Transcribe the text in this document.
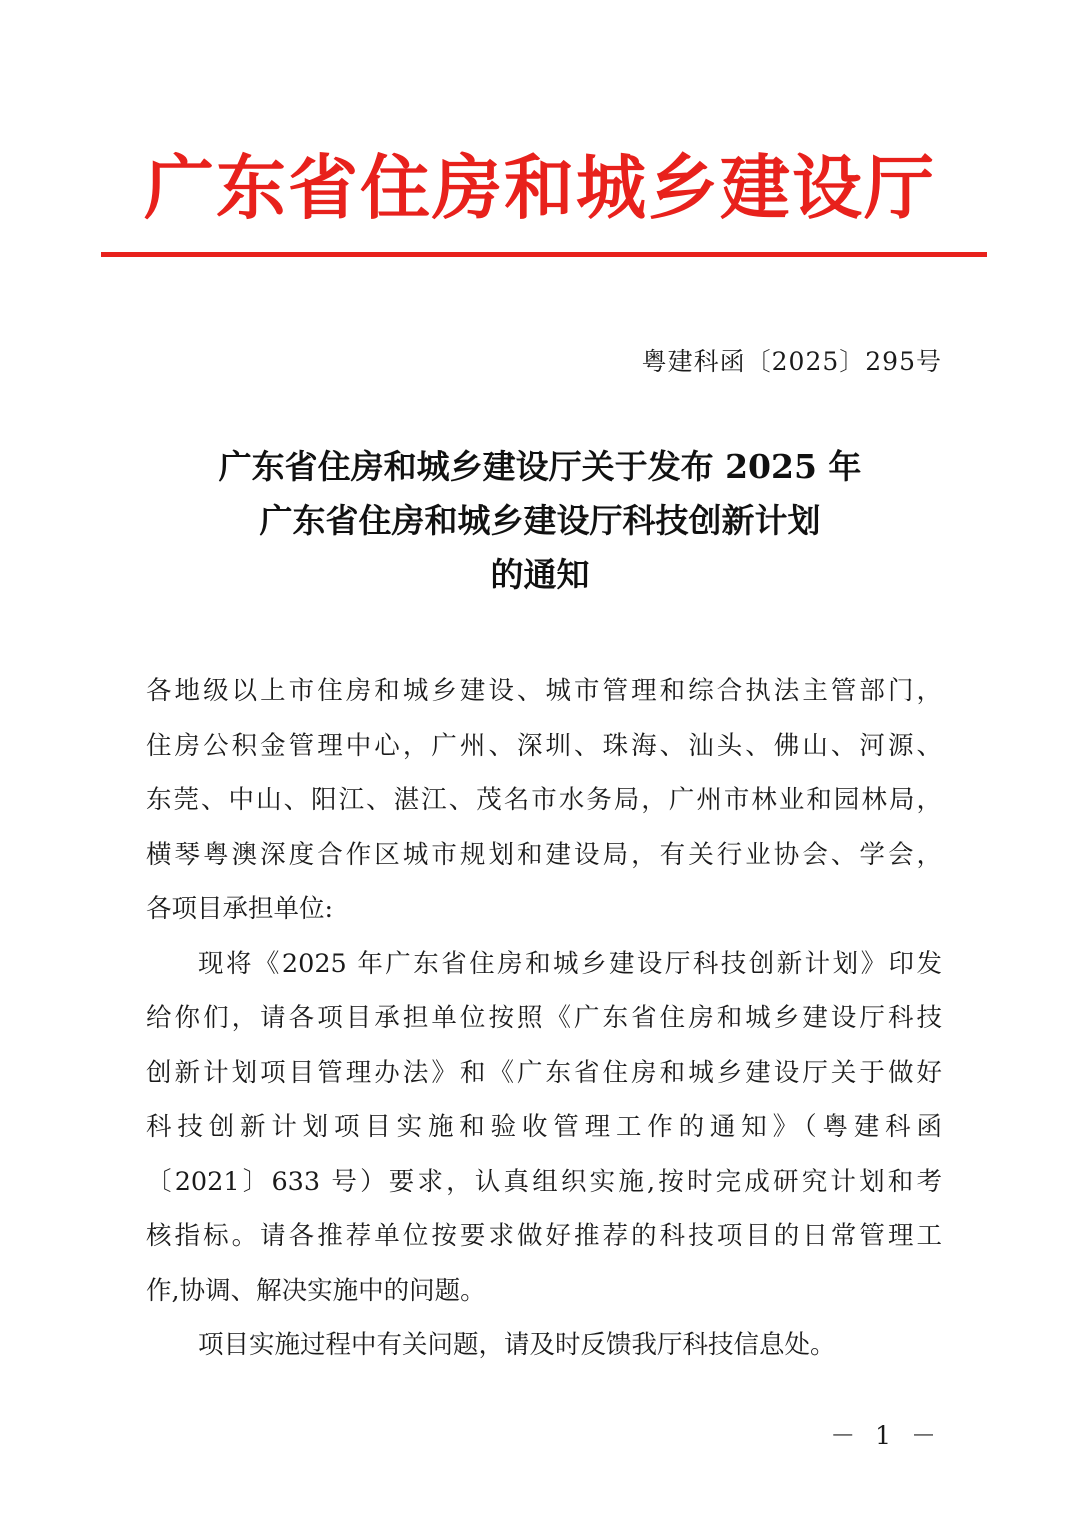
广东省住房和城乡建设厅
粤建科函〔2025〕295号
广东省住房和城乡建设厅关于发布 2025 年
广东省住房和城乡建设厅科技创新计划
的通知
各地级以上市住房和城乡建设、城市管理和综合执法主管部门，
住房公积金管理中心，广州、深圳、珠海、汕头、佛山、河源、
东莞、中山、阳江、湛江、茂名市水务局，广州市林业和园林局，
横琴粤澳深度合作区城市规划和建设局，有关行业协会、学会，
各项目承担单位:
现将《2025 年广东省住房和城乡建设厅科技创新计划》印发
给你们，请各项目承担单位按照《广东省住房和城乡建设厅科技
创新计划项目管理办法》和《广东省住房和城乡建设厅关于做好
科技创新计划项目实施和验收管理工作的通知》（粤建科函
〔2021〕633 号）要求，认真组织实施,按时完成研究计划和考
核指标。请各推荐单位按要求做好推荐的科技项目的日常管理工
作,协调、解决实施中的问题。
项目实施过程中有关问题，请及时反馈我厅科技信息处。
－ 1 －
